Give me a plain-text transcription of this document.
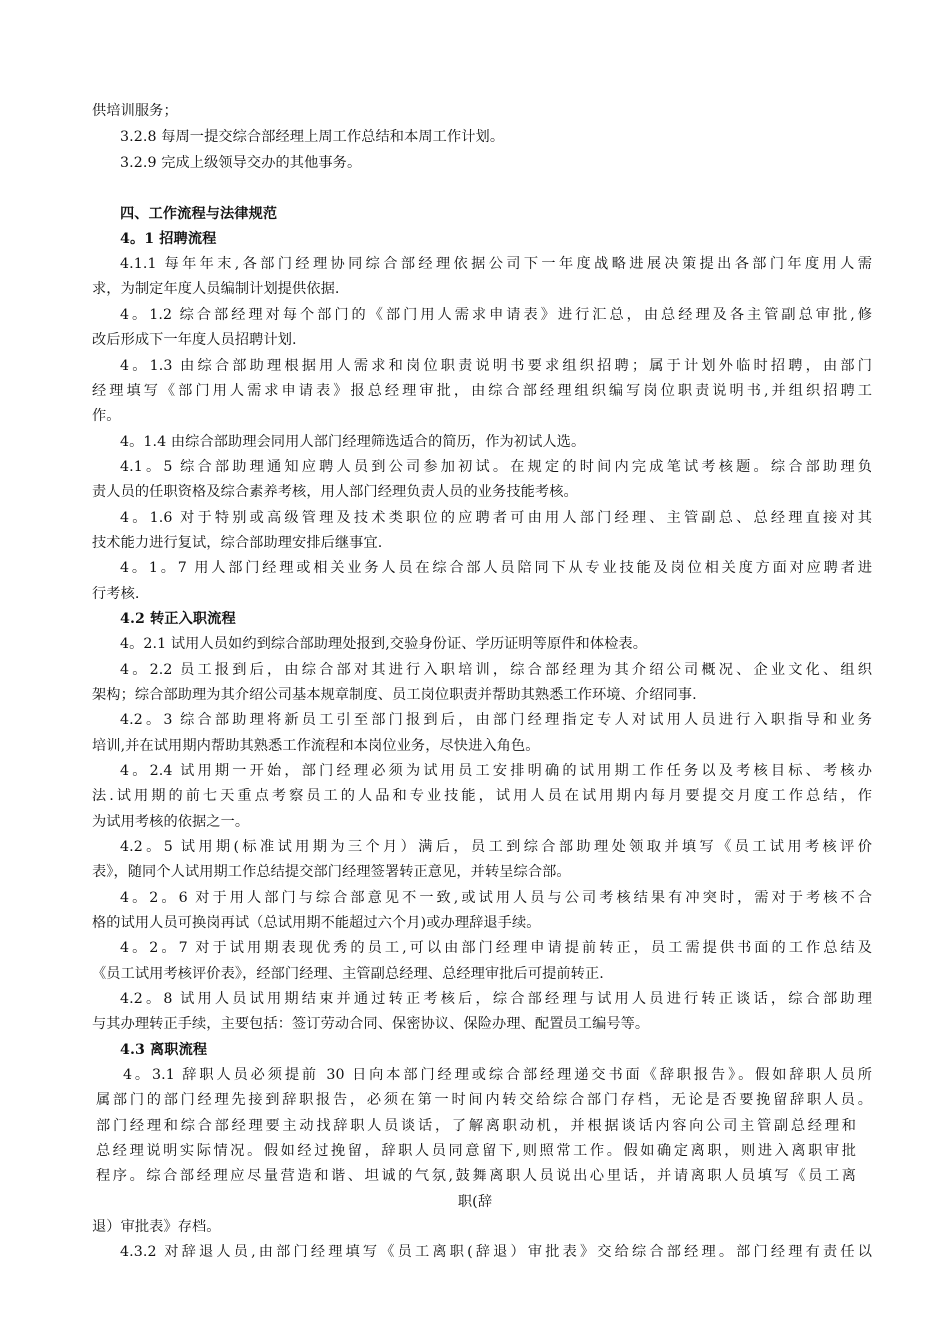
供培训服务；
3.2.8 每周一提交综合部经理上周工作总结和本周工作计划。
3.2.9 完成上级领导交办的其他事务。
四、工作流程与法律规范
4。1 招聘流程
4.1.1 每年年末,各部门经理协同综合部经理依据公司下一年度战略进展决策提出各部门年度用人需
求，为制定年度人员编制计划提供依据.
4。1.2 综合部经理对每个部门的《部门用人需求申请表》进行汇总，由总经理及各主管副总审批,修
改后形成下一年度人员招聘计划.
4。1.3 由综合部助理根据用人需求和岗位职责说明书要求组织招聘；属于计划外临时招聘，由部门
经理填写《部门用人需求申请表》报总经理审批，由综合部经理组织编写岗位职责说明书,并组织招聘工
作。
4。1.4 由综合部助理会同用人部门经理筛选适合的简历，作为初试人选。
4.1。5 综合部助理通知应聘人员到公司参加初试。在规定的时间内完成笔试考核题。综合部助理负
责人员的任职资格及综合素养考核，用人部门经理负责人员的业务技能考核。
4。1.6 对于特别或高级管理及技术类职位的应聘者可由用人部门经理、主管副总、总经理直接对其
技术能力进行复试，综合部助理安排后继事宜.
4。1。7 用人部门经理或相关业务人员在综合部人员陪同下从专业技能及岗位相关度方面对应聘者进
行考核.
4.2 转正入职流程
4。2.1 试用人员如约到综合部助理处报到,交验身份证、学历证明等原件和体检表。
4。2.2 员工报到后，由综合部对其进行入职培训，综合部经理为其介绍公司概况、企业文化、组织
架构；综合部助理为其介绍公司基本规章制度、员工岗位职责并帮助其熟悉工作环境、介绍同事.
4.2。3 综合部助理将新员工引至部门报到后，由部门经理指定专人对试用人员进行入职指导和业务
培训,并在试用期内帮助其熟悉工作流程和本岗位业务，尽快进入角色。
4。2.4 试用期一开始，部门经理必须为试用员工安排明确的试用期工作任务以及考核目标、考核办
法.试用期的前七天重点考察员工的人品和专业技能，试用人员在试用期内每月要提交月度工作总结，作
为试用考核的依据之一。
4.2。5 试用期(标准试用期为三个月）满后，员工到综合部助理处领取并填写《员工试用考核评价
表》，随同个人试用期工作总结提交部门经理签署转正意见，并转呈综合部。
4。2。6 对于用人部门与综合部意见不一致,或试用人员与公司考核结果有冲突时，需对于考核不合
格的试用人员可换岗再试（总试用期不能超过六个月)或办理辞退手续。
4。2。7 对于试用期表现优秀的员工,可以由部门经理申请提前转正，员工需提供书面的工作总结及
《员工试用考核评价表》，经部门经理、主管副总经理、总经理审批后可提前转正.
4.2。8 试用人员试用期结束并通过转正考核后，综合部经理与试用人员进行转正谈话，综合部助理
与其办理转正手续，主要包括：签订劳动合同、保密协议、保险办理、配置员工编号等。
4.3 离职流程
4。3.1 辞职人员必须提前 30 日向本部门经理或综合部经理递交书面《辞职报告》。假如辞职人员所
属部门的部门经理先接到辞职报告，必须在第一时间内转交给综合部门存档，无论是否要挽留辞职人员。
部门经理和综合部经理要主动找辞职人员谈话，了解离职动机，并根据谈话内容向公司主管副总经理和
总经理说明实际情况。假如经过挽留，辞职人员同意留下,则照常工作。假如确定离职，则进入离职审批
程序。综合部经理应尽量营造和谐、坦诚的气氛,鼓舞离职人员说出心里话，并请离职人员填写《员工离
职(辞
退）审批表》存档。
4.3.2 对辞退人员,由部门经理填写《员工离职(辞退）审批表》交给综合部经理。部门经理有责任以
